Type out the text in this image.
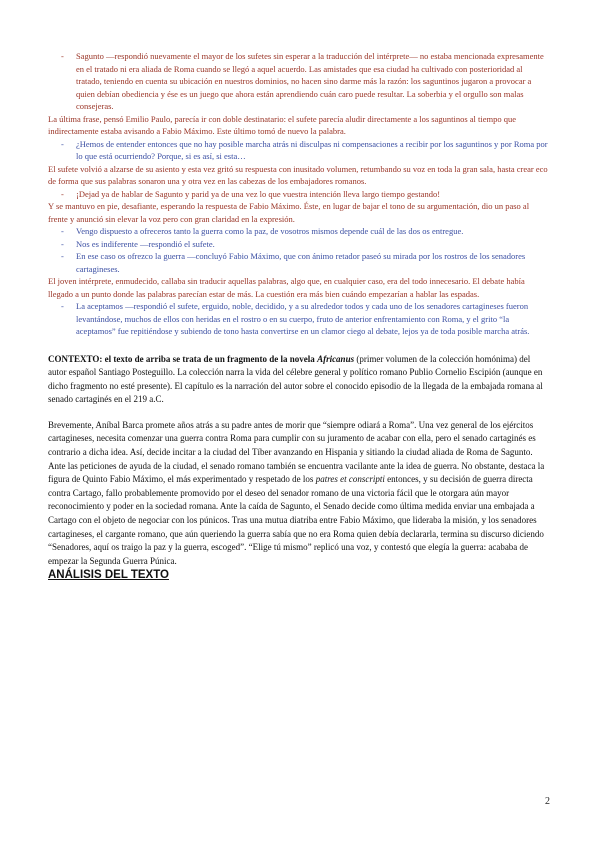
- Sagunto —respondió nuevamente el mayor de los sufetes sin esperar a la traducción del intérprete— no estaba mencionada expresamente en el tratado ni era aliada de Roma cuando se llegó a aquel acuerdo. Las amistades que esa ciudad ha cultivado con posterioridad al tratado, teniendo en cuenta su ubicación en nuestros dominios, no hacen sino darme más la razón: los saguntinos jugaron a provocar a quien debían obediencia y ése es un juego que ahora están aprendiendo cuán caro puede resultar. La soberbia y el orgullo son malas consejeras.

La última frase, pensó Emilio Paulo, parecía ir con doble destinatario: el sufete parecía aludir directamente a los saguntinos al tiempo que indirectamente estaba avisando a Fabio Máximo. Este último tomó de nuevo la palabra.

- ¿Hemos de entender entonces que no hay posible marcha atrás ni disculpas ni compensaciones a recibir por los saguntinos y por Roma por lo que está ocurriendo? Porque, si es así, si esta…

El sufete volvió a alzarse de su asiento y esta vez gritó su respuesta con inusitado volumen, retumbando su voz en toda la gran sala, hasta crear eco de forma que sus palabras sonaron una y otra vez en las cabezas de los embajadores romanos.

- ¡Dejad ya de hablar de Sagunto y parid ya de una vez lo que vuestra intención lleva largo tiempo gestando!

Y se mantuvo en pie, desafiante, esperando la respuesta de Fabio Máximo. Éste, en lugar de bajar el tono de su argumentación, dio un paso al frente y anunció sin elevar la voz pero con gran claridad en la expresión.

- Vengo dispuesto a ofreceros tanto la guerra como la paz, de vosotros mismos depende cuál de las dos os entregue.
- Nos es indiferente —respondió el sufete.
- En ese caso os ofrezco la guerra —concluyó Fabio Máximo, que con ánimo retador paseó su mirada por los rostros de los senadores cartagineses.

El joven intérprete, enmudecido, callaba sin traducir aquellas palabras, algo que, en cualquier caso, era del todo innecesario. El debate había llegado a un punto donde las palabras parecían estar de más. La cuestión era más bien cuándo empezarían a hablar las espadas.

- La aceptamos —respondió el sufete, erguido, noble, decidido, y a su alrededor todos y cada uno de los senadores cartagineses fueron levantándose, muchos de ellos con heridas en el rostro o en su cuerpo, fruto de anterior enfrentamiento con Roma, y el grito “la aceptamos” fue repitiéndose y subiendo de tono hasta convertirse en un clamor ciego al debate, lejos ya de toda posible marcha atrás.
CONTEXTO: el texto de arriba se trata de un fragmento de la novela Africanus (primer volumen de la colección homónima) del autor español Santiago Posteguillo. La colección narra la vida del célebre general y político romano Publio Cornelio Escipión (aunque en dicho fragmento no esté presente). El capítulo es la narración del autor sobre el conocido episodio de la llegada de la embajada romana al senado cartaginés en el 219 a.C.

Brevemente, Aníbal Barca promete años atrás a su padre antes de morir que “siempre odiará a Roma”. Una vez general de los ejércitos cartagineses, necesita comenzar una guerra contra Roma para cumplir con su juramento de acabar con ella, pero el senado cartaginés es contrario a dicha idea. Así, decide incitar a la ciudad del Tíber avanzando en Hispania y sitiando la ciudad aliada de Roma de Sagunto.

Ante las peticiones de ayuda de la ciudad, el senado romano también se encuentra vacilante ante la idea de guerra. No obstante, destaca la figura de Quinto Fabio Máximo, el más experimentado y respetado de los patres et conscripti entonces, y su decisión de guerra directa contra Cartago, fallo probablemente promovido por el deseo del senador romano de una victoria fácil que le otorgara aún mayor reconocimiento y poder en la sociedad romana. Ante la caída de Sagunto, el Senado decide como última medida enviar una embajada a Cartago con el objeto de negociar con los púnicos. Tras una mutua diatriba entre Fabio Máximo, que lideraba la misión, y los senadores cartagineses, el cargante romano, que aún queriendo la guerra sabía que no era Roma quien debía declararla, termina su discurso diciendo “Senadores, aquí os traigo la paz y la guerra, escoged”. “Elige tú mismo” replicó una voz, y contestó que elegía la guerra: acababa de empezar la Segunda Guerra Púnica.

ANÁLISIS DEL TEXTO
2
